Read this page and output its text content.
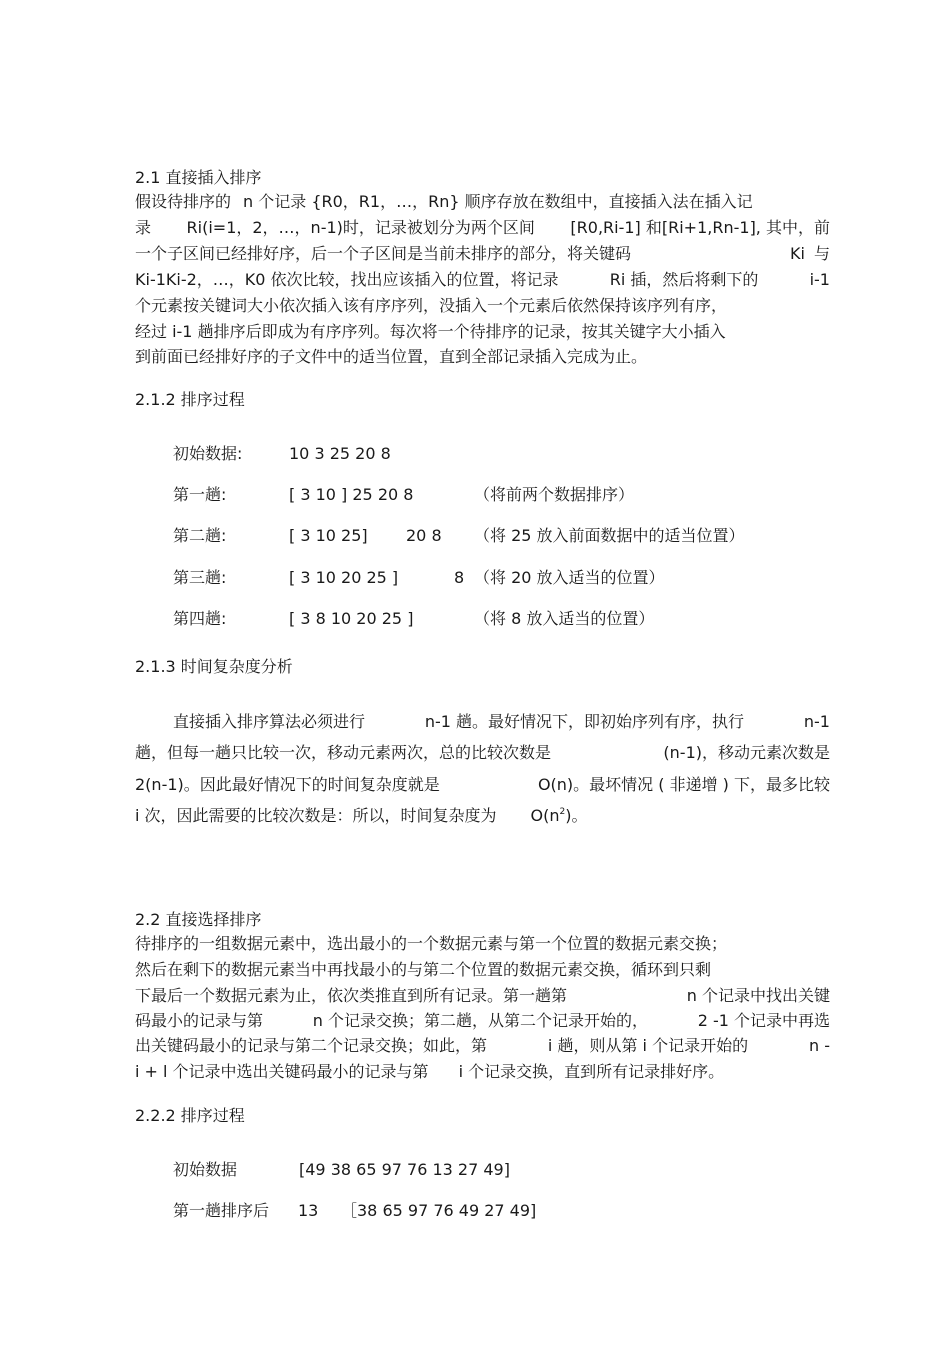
2.1 直接插入排序
假设待排序的 n 个记录 {R0，R1，…，Rn} 顺序存放在数组中，直接插入法在插入记
录 Ri(i=1，2，…，n-1)时，记录被划分为两个区间 [R0,Ri-1] 和[Ri+1,Rn-1], 其中，前
一个子区间已经排好序，后一个子区间是当前未排序的部分，将关键码	Ki 与
Ki-1Ki-2，…，K0 依次比较，找出应该插入的位置，将记录	Ri 插，然后将剩下的	i-1
个元素按关键词大小依次插入该有序序列，没插入一个元素后依然保持该序列有序，
经过 i-1 趟排序后即成为有序序列。每次将一个待排序的记录，按其关键字大小插入
到前面已经排好序的子文件中的适当位置，直到全部记录插入完成为止。
2.1.2 排序过程
初始数据:	10 3 25 20 8
第一趟:	[ 3 10 ] 25 20 8	（将前两个数据排序）
第二趟:	[ 3 10 25] 20 8 （将 25 放入前面数据中的适当位置）
第三趟:	[ 3 10 20 25 ]	8 （将 20 放入适当的位置）
第四趟:	[ 3 8 10 20 25 ]	（将 8 放入适当的位置）
2.1.3 时间复杂度分析
直接插入排序算法必须进行	n-1 趟。最好情况下，即初始序列有序，执行	n-1
趟，但每一趟只比较一次，移动元素两次，总的比较次数是	(n-1)，移动元素次数是
2(n-1)。因此最好情况下的时间复杂度就是	O(n)。最坏情况 ( 非递增 ) 下，最多比较
i 次，因此需要的比较次数是：所以，时间复杂度为 $O(n^2)$。
2.2 直接选择排序
待排序的一组数据元素中，选出最小的一个数据元素与第一个位置的数据元素交换；
然后在剩下的数据元素当中再找最小的与第二个位置的数据元素交换，循环到只剩
下最后一个数据元素为止，依次类推直到所有记录。第一趟第	n 个记录中找出关键
码最小的记录与第	n 个记录交换；第二趟，从第二个记录开始的，	2 -1 个记录中再选
出关键码最小的记录与第二个记录交换；如此，第	i 趟，则从第 i 个记录开始的	n -
i + l 个记录中选出关键码最小的记录与第 i 个记录交换，直到所有记录排好序。
2.2.2 排序过程
初始数据	[49 38 65 97 76 13 27 49]
第一趟排序后 13 ［38 65 97 76 49 27 49]
